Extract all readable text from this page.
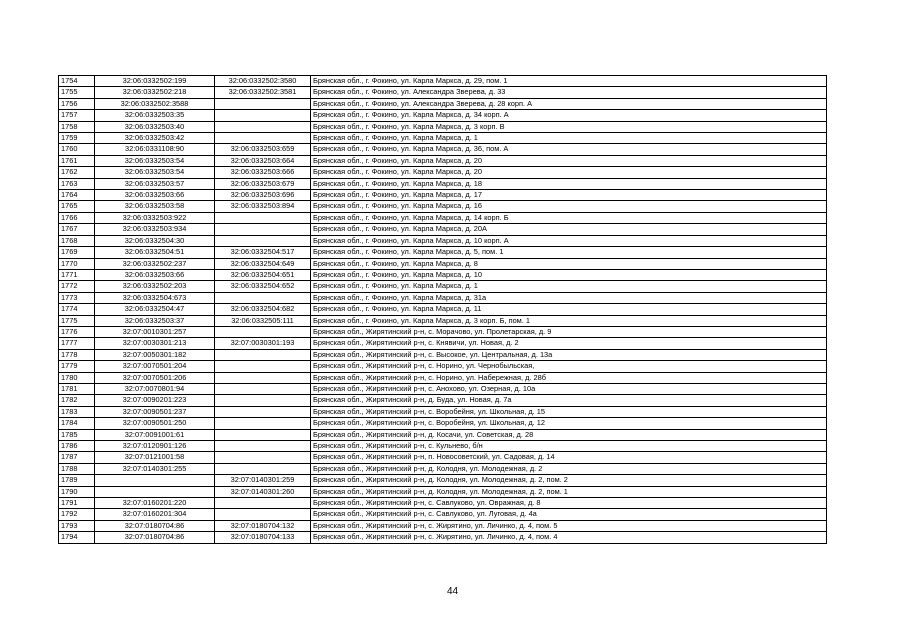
1754	32:06:0332502:199	32:06:0332502:3580	Брянская обл., г. Фокино, ул. Карла Маркса, д. 29, пом. 1
1755	32:06:0332502:218	32:06:0332502:3581	Брянская обл., г. Фокино, ул. Александра Зверева, д. 33
1756	32:06:0332502:3588		Брянская обл., г. Фокино, ул. Александра Зверева, д. 28 корп. А
1757	32:06:0332503:35		Брянская обл., г. Фокино, ул. Карла Маркса, д. 34 корп. А
1758	32:06:0332503:40		Брянская обл., г. Фокино, ул. Карла Маркса, д. 3 корп. В
1759	32:06:0332503:42		Брянская обл., г. Фокино, ул. Карла Маркса, д. 1
1760	32:06:0331108:90	32:06:0332503:659	Брянская обл., г. Фокино, ул. Карла Маркса, д. 36, пом. А
1761	32:06:0332503:54	32:06:0332503:664	Брянская обл., г. Фокино, ул. Карла Маркса, д. 20
1762	32:06:0332503:54	32:06:0332503:666	Брянская обл., г. Фокино, ул. Карла Маркса, д. 20
1763	32:06:0332503:57	32:06:0332503:679	Брянская обл., г. Фокино, ул. Карла Маркса, д. 18
1764	32:06:0332503:66	32:06:0332503:696	Брянская обл., г. Фокино, ул. Карла Маркса, д. 17
1765	32:06:0332503:58	32:06:0332503:894	Брянская обл., г. Фокино, ул. Карла Маркса, д. 16
1766	32:06:0332503:922		Брянская обл., г. Фокино, ул. Карла Маркса, д. 14 корп. Б
1767	32:06:0332503:934		Брянская обл., г. Фокино, ул. Карла Маркса, д. 20А
1768	32:06:0332504:30		Брянская обл., г. Фокино, ул. Карла Маркса, д. 10 корп. А
1769	32:06:0332504:51	32:06:0332504:517	Брянская обл., г. Фокино, ул. Карла Маркса, д. 5, пом. 1
1770	32:06:0332502:237	32:06:0332504:649	Брянская обл., г. Фокино, ул. Карла Маркса, д. 8
1771	32:06:0332503:66	32:06:0332504:651	Брянская обл., г. Фокино, ул. Карла Маркса, д. 10
1772	32:06:0332502:203	32:06:0332504:652	Брянская обл., г. Фокино, ул. Карла Маркса, д. 1
1773	32:06:0332504:673		Брянская обл., г. Фокино, ул. Карла Маркса, д. 31а
1774	32:06:0332504:47	32:06:0332504:682	Брянская обл., г. Фокино, ул. Карла Маркса, д. 11
1775	32:06:0332503:37	32:06:0332505:111	Брянская обл., г. Фокино, ул. Карла Маркса, д. 3 корп. Б, пом. 1
1776	32:07:0010301:257		Брянская обл., Жирятинский р-н, с. Морачово, ул. Пролетарская, д. 9
1777	32:07:0030301:213	32:07:0030301:193	Брянская обл., Жирятинский р-н, с. Княвичи, ул. Новая, д. 2
1778	32:07:0050301:182		Брянская обл., Жирятинский р-н, с. Высокое, ул. Центральная, д. 13а
1779	32:07:0070501:204		Брянская обл., Жирятинский р-н, с. Норино, ул. Чернобыльская,
1780	32:07:0070501:206		Брянская обл., Жирятинский р-н, с. Норино, ул. Набережная, д. 28б
1781	32:07:0070801:94		Брянская обл., Жирятинский р-н, с. Анохово, ул. Озерная, д. 10а
1782	32:07:0090201:223		Брянская обл., Жирятинский р-н, д. Буда, ул. Новая, д. 7а
1783	32:07:0090501:237		Брянская обл., Жирятинский р-н, с. Воробейня, ул. Школьная, д. 15
1784	32:07:0090501:250		Брянская обл., Жирятинский р-н, с. Воробейня, ул. Школьная, д. 12
1785	32:07:0091001:61		Брянская обл., Жирятинский р-н, д. Косачи, ул. Советская, д. 28
1786	32:07:0120901:126		Брянская обл., Жирятинский р-н, с. Кульнево, б/н
1787	32:07:0121001:58		Брянская обл., Жирятинский р-н, п. Новосоветский, ул. Садовая, д. 14
1788	32:07:0140301:255		Брянская обл., Жирятинский р-н, д. Колодня, ул. Молодежная, д. 2
1789		32:07:0140301:259	Брянская обл., Жирятинский р-н, д. Колодня, ул. Молодежная, д. 2, пом. 2
1790		32:07:0140301:260	Брянская обл., Жирятинский р-н, д. Колодня, ул. Молодежная, д. 2, пом. 1
1791	32:07:0160201:220		Брянская обл., Жирятинский р-н, с. Савлуково, ул. Овражная, д. 8
1792	32:07:0160201:304		Брянская обл., Жирятинский р-н, с. Савлуково, ул. Луговая, д. 4а
1793	32:07:0180704:86	32:07:0180704:132	Брянская обл., Жирятинский р-н, с. Жирятино, ул. Личинко, д. 4, пом. 5
1794	32:07:0180704:86	32:07:0180704:133	Брянская обл., Жирятинский р-н, с. Жирятино, ул. Личинко, д. 4, пом. 4
44
